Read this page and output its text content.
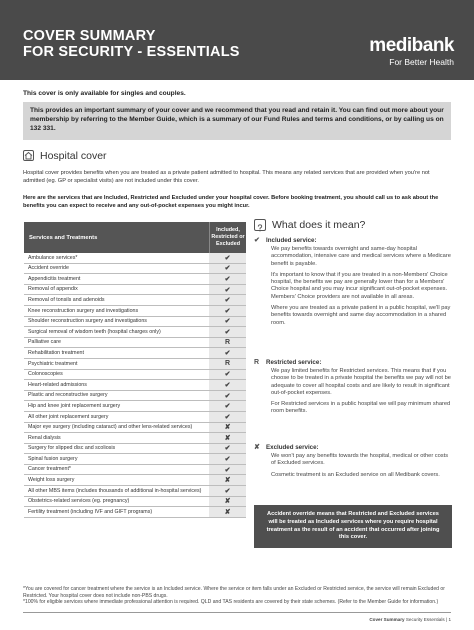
COVER SUMMARY
FOR SECURITY - ESSENTIALS	medibank
For Better Health
This cover is only available for singles and couples.

This provides an important summary of your cover and we recommend that you read and retain it. You can find out more about your membership by referring to the Member Guide, which is a summary of our Fund Rules and terms and conditions, or by calling us on 132 331.

Hospital cover
Hospital cover provides benefits when you are treated as a private patient admitted to hospital. This means any related services that are provided when you're not admitted (eg. GP or specialist visits) are not included under this cover.
Here are the services that are Included, Restricted and Excluded under your hospital cover. Before booking treatment, you should call us to ask about the benefits you can expect to receive and any out-of-pocket expenses you might incur.
Services and Treatments
Included, Restricted or Excluded
Ambulance services*	✔
Accident override	✔
Appendicitis treatment	✔
Removal of appendix	✔
Removal of tonsils and adenoids	✔
Knee reconstruction surgery and investigations	✔
Shoulder reconstruction surgery and investigations	✔
Surgical removal of wisdom teeth (hospital charges only)	✔
Palliative care	R
Rehabilitation treatment	✔
Psychiatric treatment	R
Colonoscopies	✔
Heart-related admissions	✔
Plastic and reconstructive surgery	✔
Hip and knee joint replacement surgery	✔
All other joint replacement surgery	✔
Major eye surgery (including cataract) and other lens-related services)	✘
Renal dialysis	✘
Surgery for slipped disc and scoliosis	✔
Spinal fusion surgery	✔
Cancer treatment*	✔
Weight loss surgery	✘
All other MBS items (includes thousands of additional in-hospital services)	✔
Obstetrics-related services (eg. pregnancy)	✘
Fertility treatment (including IVF and GIFT programs)	✘
What does it mean?
✔ Included service:

We pay benefits towards overnight and same-day hospital accommodation, intensive care and medical services where a Medicare benefit is payable.

It's important to know that if you are treated in a non-Members' Choice hospital, the benefits we pay are generally lower than for a Members' Choice hospital and you may incur significant out-of-pocket expenses. Members' Choice providers are not available in all areas.

Where you are treated as a private patient in a public hospital, we'll pay benefits towards overnight and same day accommodation in a shared room.

R	Restricted service:

We pay limited benefits for Restricted services. This means that if you choose to be treated in a private hospital the benefits we pay will not be adequate to cover all hospital costs and are likely to result in significant out-of-pocket expenses.

For Restricted services in a public hospital we will pay minimum shared room benefits.

✘ Excluded service:

We won't pay any benefits towards the hospital, medical or other costs of Excluded services.

Cosmetic treatment is an Excluded service on all Medibank covers.

Accident override means that Restricted and Excluded services will be treated as Included services where you require hospital treatment as the result of an accident that occurred after joining this cover.
*You are covered for cancer treatment where the service is an Included service. Where the service or item falls under an Excluded or Restricted service, the service will remain Excluded or Restricted. Your hospital cover does not include non-PBS drugs.
*100% for eligible services where immediate professional attention is required. QLD and TAS residents are covered by their state schemes. (Refer to the Member Guide for information.)
Cover Summary Security Essentials | 1
